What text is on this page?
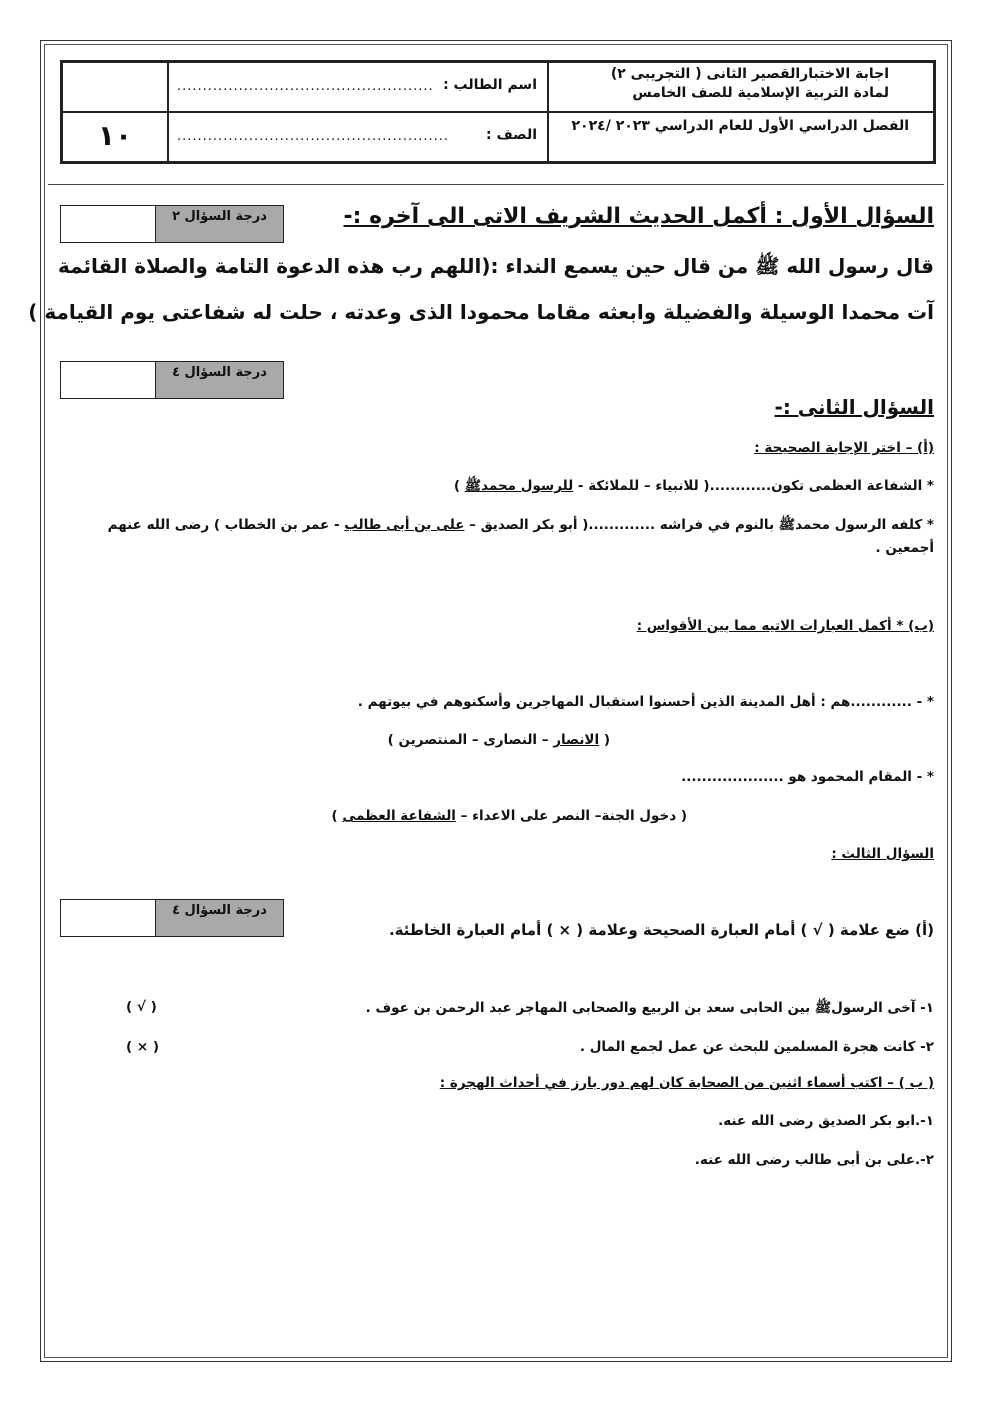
١٠
اسم الطالب :
..................................................
الصف :
.....................................................
اجابة الاختبارالقصير الثانى ( التجريبى ٢)
لمادة التربية الإسلامية للصف الخامس
الفصل الدراسي الأول للعام الدراسي ٢٠٢٣ /٢٠٢٤
درجة السؤال ٢	السؤال الأول : أكمل الحديث الشريف الاتى الى آخره :-
قال رسول الله ﷺ من قال حين يسمع النداء :(اللهم رب هذه الدعوة التامة والصلاة القائمة
آت محمدا الوسيلة والفضيلة وابعثه مقاما محمودا الذى وعدته ، حلت له شفاعتى يوم القيامة )
درجة السؤال ٤
السؤال الثانى :-
(أ) – اختر الإجابة الصحيحة :
* الشفاعة العظمى تكون............( للانبياء – للملائكة - للرسول محمدﷺ )
* كلفه الرسول محمدﷺ بالنوم في فراشه .............( أبو بكر الصديق – على بن أبى طالب - عمر بن الخطاب ) رضى الله عنهم
أجمعين .
(ب) * أكمل العبارات الاتيه مما بين الأقواس :
* - ............هم : أهل المدينة الذين أحسنوا استقبال المهاجرين وأسكنوهم في بيوتهم .
( الانصار – النصارى – المنتصرين )
* - المقام المحمود هو ....................
( دخول الجنة– النصر على الاعداء – الشفاعة العظمى )
السؤال الثالث :
درجة السؤال ٤
(أ) ضع علامة ( √ ) أمام العبارة الصحيحة وعلامة ( × ) أمام العبارة الخاطئة.
١- آخى الرسولﷺ بين الحابى سعد بن الربيع والصحابى المهاجر عبد الرحمن بن عوف .
( √ )
٢- كانت هجرة المسلمين للبحث عن عمل لجمع المال .
( × )
( ب ) – اكتب أسماء اثنين من الصحابة كان لهم دور بارز في أحداث الهجرة :
١-.ابو بكر الصديق رضى الله عنه.
٢-.على بن أبى طالب رضى الله عنه.
